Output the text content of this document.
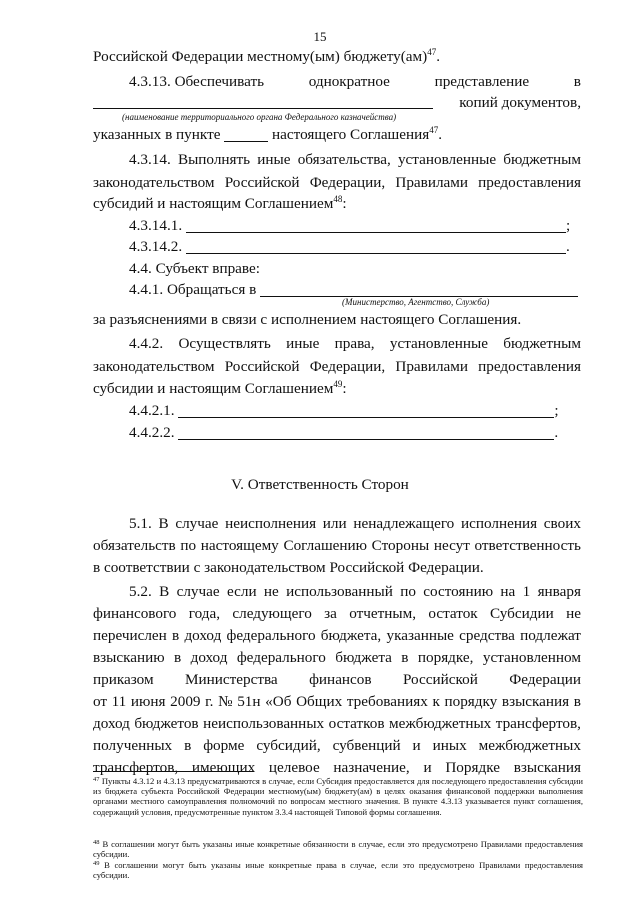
15
Российской Федерации местному(ым) бюджету(ам)$^{47}$.
4.3.13. Обеспечивать	однократное	представление	в
копий документов,
(наименование территориального органа Федерального казначейства)
указанных в пункте	настоящего Соглашения$^{47}$.
4.3.14. Выполнять иные обязательства, установленные бюджетным
законодательством Российской Федерации, Правилами предоставления
субсидий и настоящим Соглашением$^{48}$:
4.3.14.1.	;
4.3.14.2.	.
4.4. Субъект вправе:
4.4.1. Обращаться в
(Министерство, Агентство, Служба)
за разъяснениями в связи с исполнением настоящего Соглашения.
4.4.2. Осуществлять иные права, установленные бюджетным
законодательством Российской Федерации, Правилами предоставления
субсидии и настоящим Соглашением$^{49}$:
4.4.2.1.	;
4.4.2.2.	.
V. Ответственность Сторон
5.1. В случае неисполнения или ненадлежащего исполнения своих
обязательств по настоящему Соглашению Стороны несут ответственность
в соответствии с законодательством Российской Федерации.
5.2. В случае если не использованный по состоянию на 1 января
финансового года, следующего за отчетным, остаток Субсидии не
перечислен в доход федерального бюджета, указанные средства подлежат
взысканию в доход федерального бюджета в порядке, установленном
приказом Министерства финансов Российской Федерации
от 11 июня 2009 г. № 51н «Об Общих требованиях к порядку взыскания в
доход бюджетов неиспользованных остатков межбюджетных трансфертов,
полученных в форме субсидий, субвенций и иных межбюджетных
трансфертов, имеющих целевое назначение, и Порядке взыскания
$^{47}$ Пункты 4.3.12 и 4.3.13 предусматриваются в случае, если Субсидия предоставляется для последующего предоставления субсидии из бюджета субъекта Российской Федерации местному(ым) бюджету(ам) в целях оказания финансовой поддержки выполнения органами местного самоуправления полномочий по вопросам местного значения. В пункте 4.3.13 указывается пункт соглашения, содержащий условия, предусмотренные пунктом 3.3.4 настоящей Типовой формы соглашения.
$^{48}$ В соглашении могут быть указаны иные конкретные обязанности в случае, если это предусмотрено Правилами предоставления субсидии.
$^{49}$ В соглашении могут быть указаны иные конкретные права в случае, если это предусмотрено Правилами предоставления субсидии.
